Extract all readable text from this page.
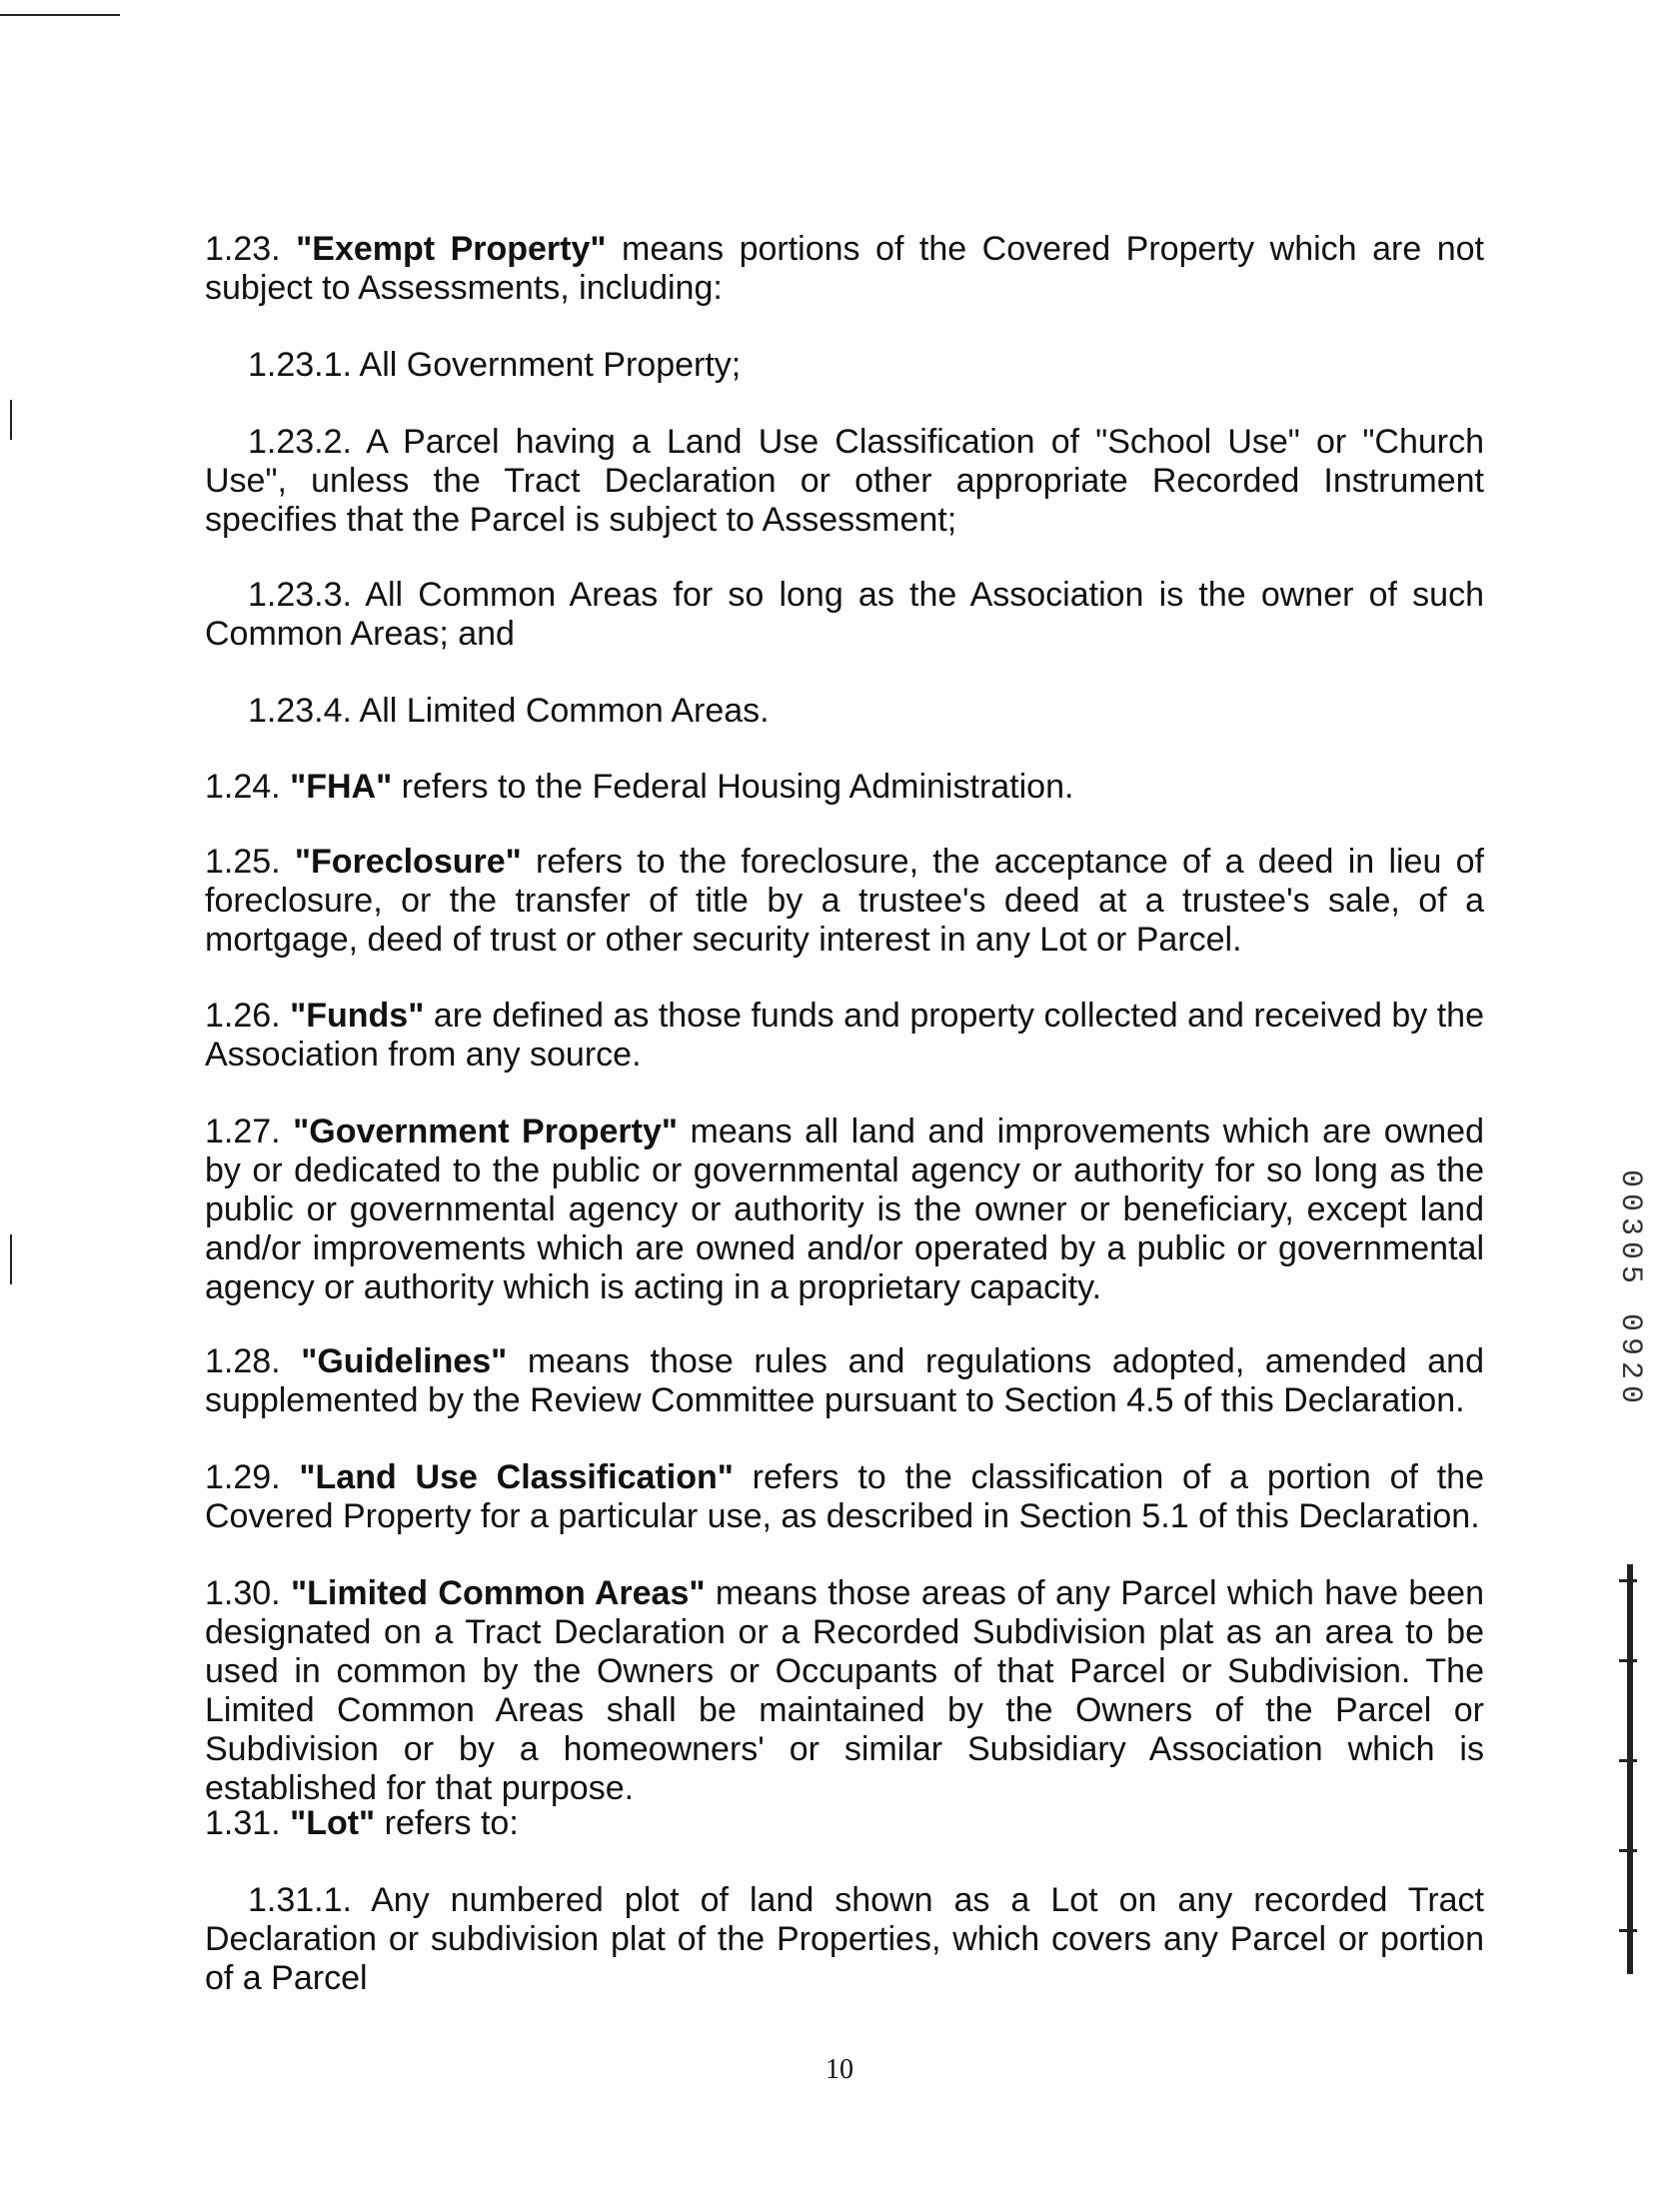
1.23. "Exempt Property" means portions of the Covered Property which are not subject to Assessments, including:

1.23.1. All Government Property;

1.23.2. A Parcel having a Land Use Classification of "School Use" or "Church Use", unless the Tract Declaration or other appropriate Recorded Instrument specifies that the Parcel is subject to Assessment;

1.23.3. All Common Areas for so long as the Association is the owner of such Common Areas; and

1.23.4. All Limited Common Areas.

1.24. "FHA" refers to the Federal Housing Administration.

1.25. "Foreclosure" refers to the foreclosure, the acceptance of a deed in lieu of foreclosure, or the transfer of title by a trustee's deed at a trustee's sale, of a mortgage, deed of trust or other security interest in any Lot or Parcel.

1.26. "Funds" are defined as those funds and property collected and received by the Association from any source.

1.27. "Government Property" means all land and improvements which are owned by or dedicated to the public or governmental agency or authority for so long as the public or governmental agency or authority is the owner or beneficiary, except land and/or improvements which are owned and/or operated by a public or governmental agency or authority which is acting in a proprietary capacity.

1.28. "Guidelines" means those rules and regulations adopted, amended and supplemented by the Review Committee pursuant to Section 4.5 of this Declaration.

1.29. "Land Use Classification" refers to the classification of a portion of the Covered Property for a particular use, as described in Section 5.1 of this Declaration.

1.30. "Limited Common Areas" means those areas of any Parcel which have been designated on a Tract Declaration or a Recorded Subdivision plat as an area to be used in common by the Owners or Occupants of that Parcel or Subdivision. The Limited Common Areas shall be maintained by the Owners of the Parcel or Subdivision or by a homeowners' or similar Subsidiary Association which is established for that purpose.

1.31. "Lot" refers to:

1.31.1. Any numbered plot of land shown as a Lot on any recorded Tract Declaration or subdivision plat of the Properties, which covers any Parcel or portion of a Parcel

10
00305 0920
